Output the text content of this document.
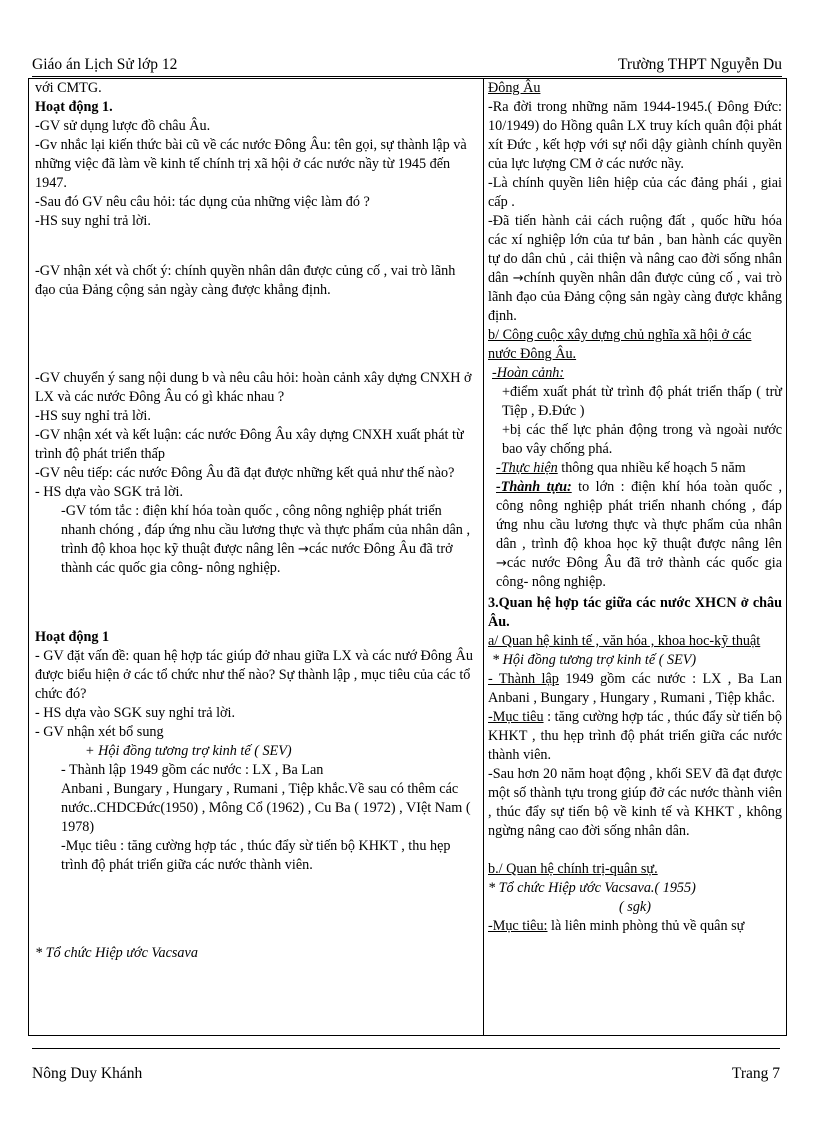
Giáo án Lịch Sử lớp 12	Trường THPT Nguyễn Du

với CMTG.

Hoạt động 1.

-GV sử dụng lược đồ châu Âu.

-Gv nhắc lại kiến thức bài cũ về các nước Đông Âu: tên gọi, sự thành lập và những việc đã làm về kinh tế chính trị xã hội ở các nước nầy từ 1945 đến 1947.

-Sau đó GV nêu câu hỏi: tác dụng của những việc làm đó ?

-HS suy nghỉ trả lời.

-GV nhận xét và chốt ý: chính quyền nhân dân được củng cố , vai trò lãnh đạo của Đảng cộng sản ngày càng được khẳng định.

-GV chuyển ý sang nội dung b và nêu câu hỏi: hoàn cảnh xây dựng CNXH ở LX và các nước Đông Âu có gì khác nhau ?

-HS suy nghỉ trả lời.

-GV nhận xét và kết luận: các nước Đông Âu xây dựng CNXH xuất phát từ trình độ phát triển thấp

-GV nêu tiếp: các nước Đông Âu đã đạt được những kết quả như thế nào?

- HS dựa vào SGK trả lời.

-GV tóm tắc : điện khí hóa toàn quốc , công nông nghiệp phát triển nhanh chóng , đáp ứng nhu cầu lương thực và thực phẩm của nhân dân , trình độ khoa học kỹ thuật được nâng lên →các nước Đông Âu đã trở thành các quốc gia công- nông nghiệp.

Hoạt động 1

- GV đặt vấn đề: quan hệ hợp tác giúp đở nhau giữa LX và các nướ Đông Âu được biểu hiện ở các tổ chức như thế nào? Sự thành lập , mục tiêu của các tổ chức đó?

- HS dựa vào SGK suy nghỉ trả lời.

- GV nhận xét bổ sung

+ Hội đồng tương trợ kinh tế ( SEV)

- Thành lập 1949 gồm các nước : LX , Ba Lan

Anbani , Bungary , Hungary , Rumani , Tiệp khắc.Về sau có thêm các nước..CHDCĐức(1950) , Mông Cổ (1962) , Cu Ba ( 1972) , VIệt Nam ( 1978)

-Mục tiêu : tăng cường hợp tác , thúc đẩy sừ tiến bộ KHKT , thu hẹp trình độ phát triển giữa các nước thành viên.

* Tổ chức Hiệp ước Vacsava

Đông Âu

-Ra đời trong những năm 1944-1945.( Đông Đức: 10/1949) do Hồng quân LX truy kích quân đội phát xít Đức , kết hợp với sự nổi dậy giành chính quyền của lực lượng CM ở các nước nầy.

-Là chính quyền liên hiệp của các đảng phái , giai cấp .

-Đã tiến hành cải cách ruộng đất , quốc hữu hóa các xí nghiệp lớn của tư bản , ban hành các quyền tự do dân chủ , cải thiện và nâng cao đời sống nhân dân →chính quyền nhân dân được củng cố , vai trò lãnh đạo của Đảng cộng sản ngày càng được khẳng định.

b/ Công cuộc xây dựng chủ nghĩa xã hội ở các nước Đông Âu.

-Hoàn cảnh:

+điểm xuất phát từ trình độ phát triển thấp ( trừ Tiệp , Đ.Đức )

+bị các thế lực phản động trong và ngoài nước bao vây chống phá.

-Thực hiện thông qua nhiều kế hoạch 5 năm

-Thành tựu: to lớn : điện khí hóa toàn quốc , công nông nghiệp phát triển nhanh chóng , đáp ứng nhu cầu lương thực và thực phẩm của nhân dân , trình độ khoa học kỹ thuật được nâng lên →các nước Đông Âu đã trở thành các quốc gia công- nông nghiệp.

3.Quan hệ hợp tác giữa các nước XHCN ở châu Âu.

a/ Quan hệ kinh tế , văn hóa , khoa hoc-kỹ thuật

* Hội đồng tương trợ kinh tế ( SEV)

- Thành lập 1949 gồm các nước : LX , Ba Lan Anbani , Bungary , Hungary , Rumani , Tiệp khắc.

-Mục tiêu : tăng cường hợp tác , thúc đẩy sừ tiến bộ KHKT , thu hẹp trình độ phát triển giữa các nước thành viên.

-Sau hơn 20 năm hoạt động , khối SEV đã đạt được một số thành tựu trong giúp đở các nước thành viên , thúc đẩy sự tiến bộ về kinh tế và KHKT , không ngừng nâng cao đời sống nhân dân.

b./ Quan hệ chính trị-quân sự.

* Tổ chức Hiệp ước Vacsava.( 1955)

( sgk)

-Mục tiêu: là liên minh phòng thủ về quân sự

Nông Duy Khánh	Trang 7
